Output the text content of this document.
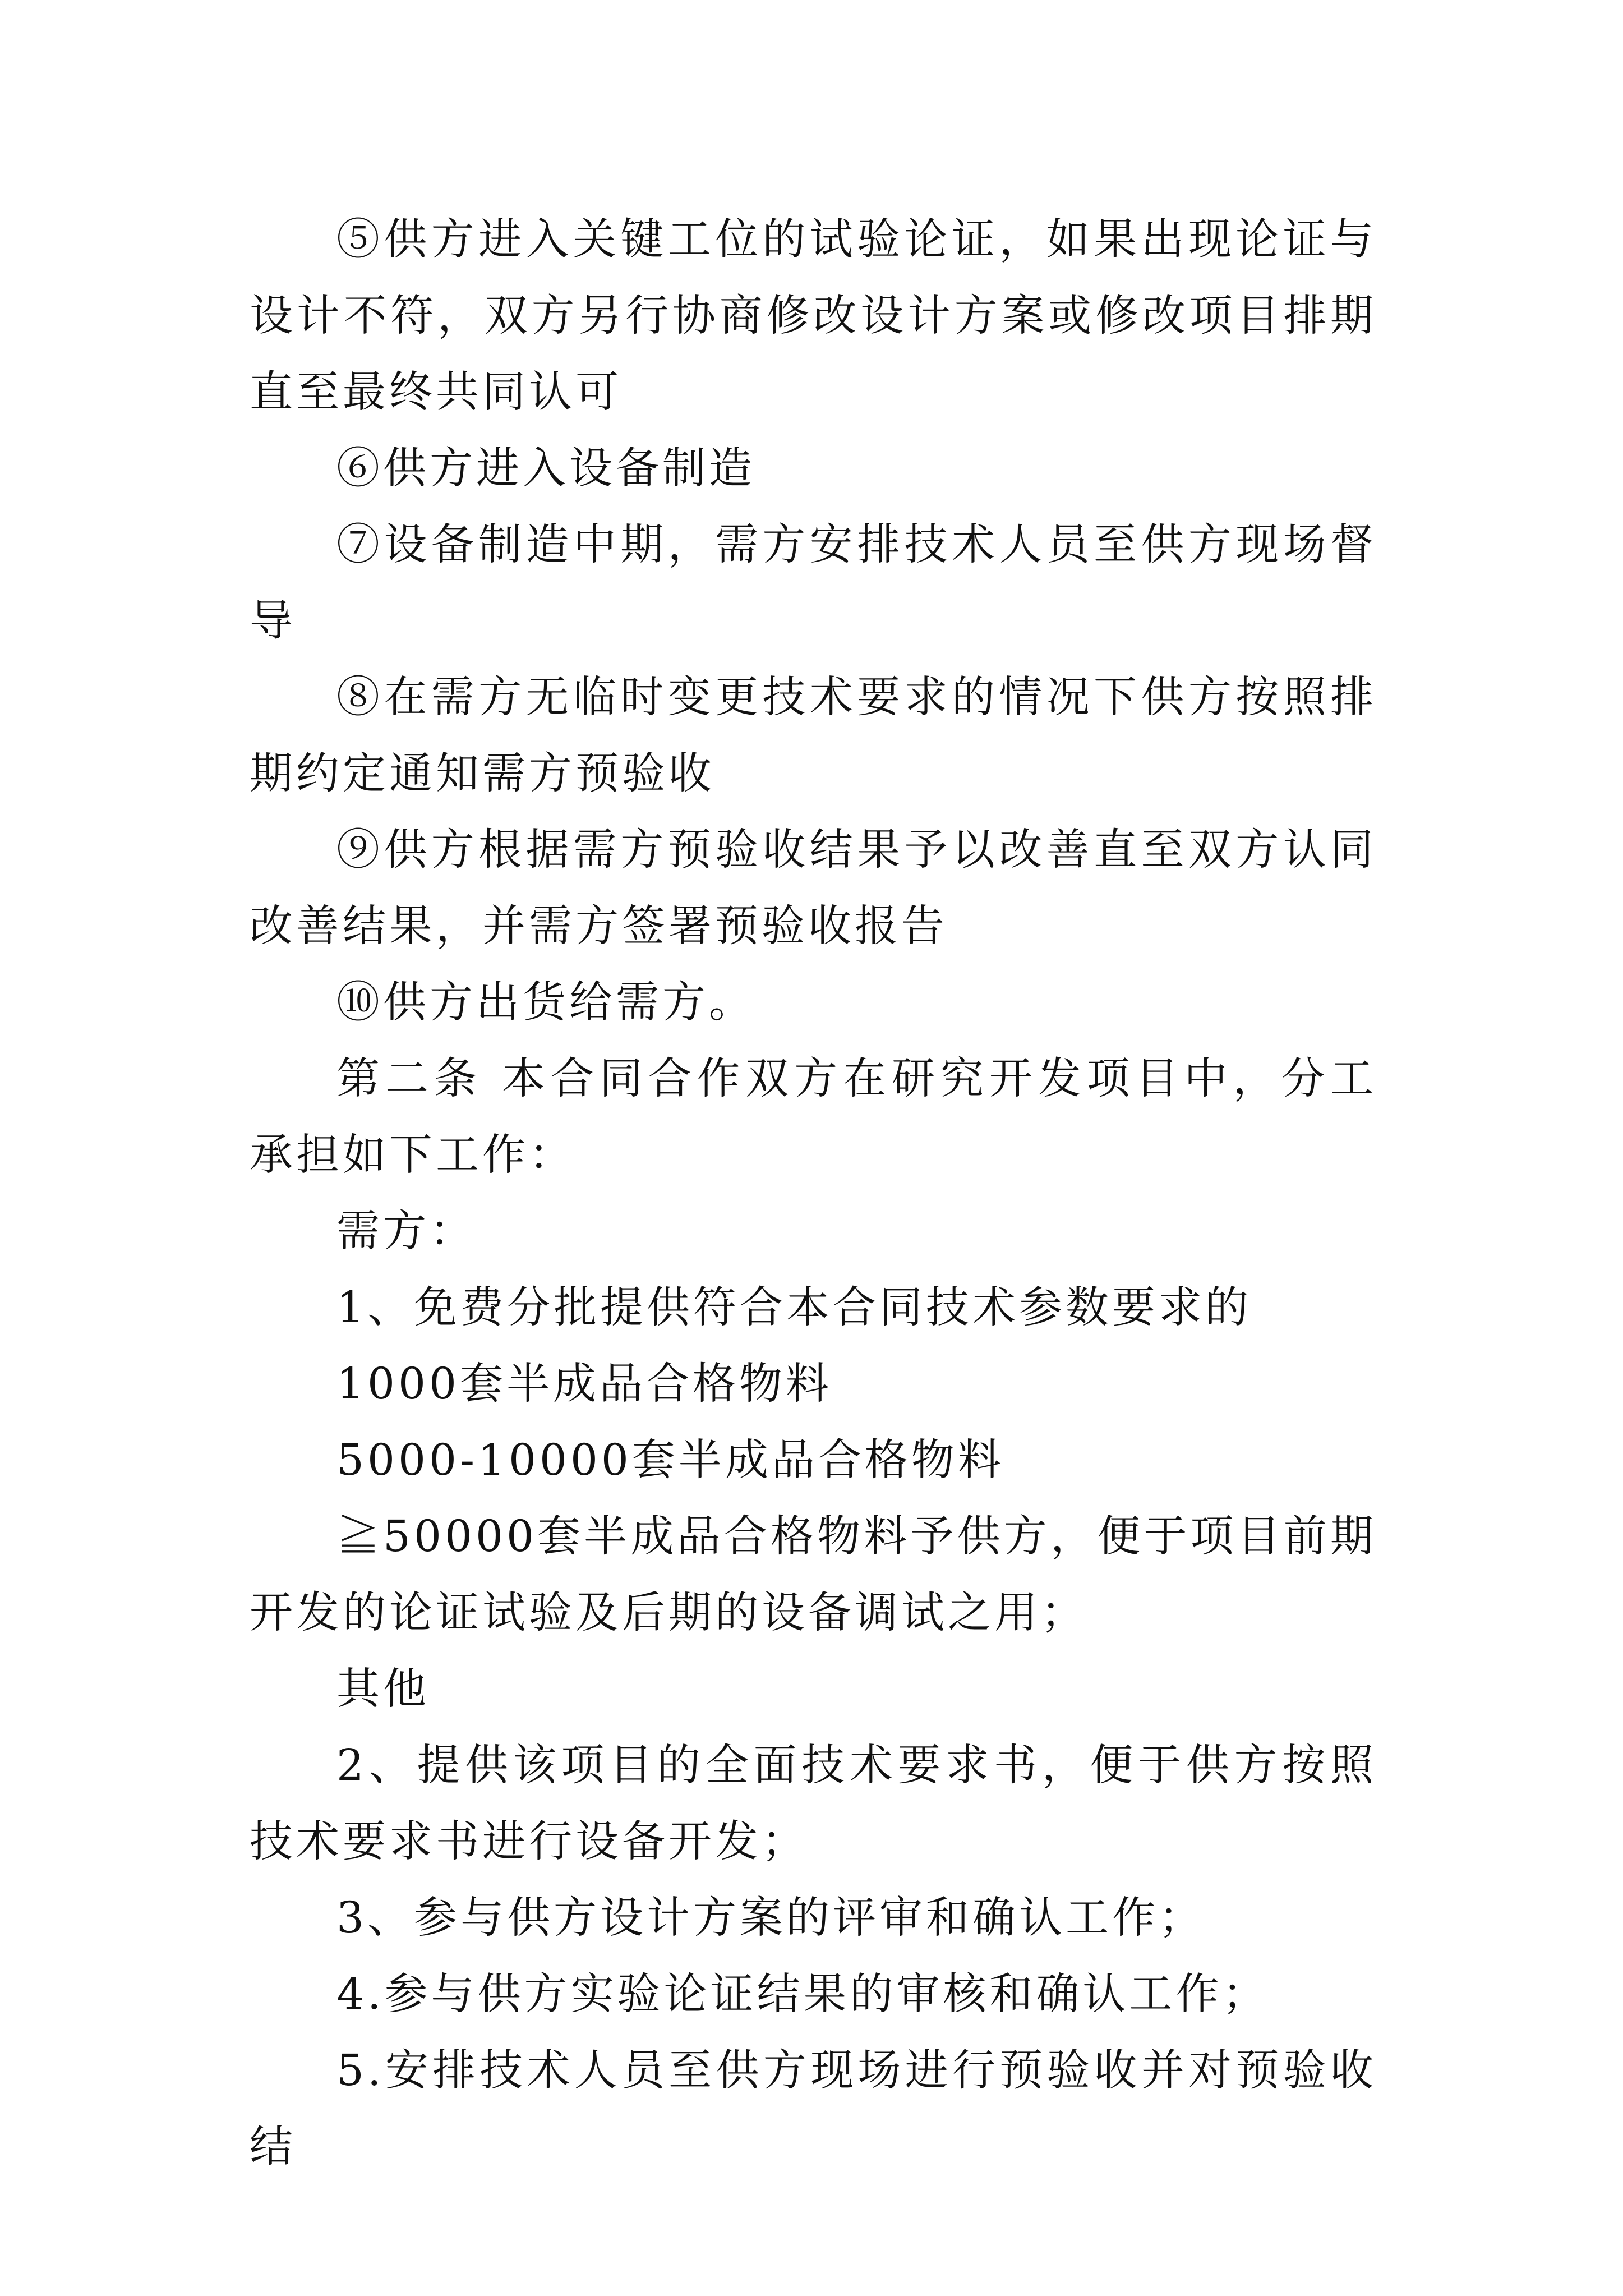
⑤供方进入关键工位的试验论证，如果出现论证与设计不符，双方另行协商修改设计方案或修改项目排期直至最终共同认可

⑥供方进入设备制造

⑦设备制造中期，需方安排技术人员至供方现场督导

⑧在需方无临时变更技术要求的情况下供方按照排期约定通知需方预验收

⑨供方根据需方预验收结果予以改善直至双方认同改善结果，并需方签署预验收报告

⑩供方出货给需方。

第二条 本合同合作双方在研究开发项目中，分工承担如下工作：

需方：

1、免费分批提供符合本合同技术参数要求的

1000套半成品合格物料

5000-10000套半成品合格物料

≧50000套半成品合格物料予供方，便于项目前期开发的论证试验及后期的设备调试之用；

其他

2、提供该项目的全面技术要求书，便于供方按照技术要求书进行设备开发；

3、参与供方设计方案的评审和确认工作；

4.参与供方实验论证结果的审核和确认工作；

5.安排技术人员至供方现场进行预验收并对预验收结
